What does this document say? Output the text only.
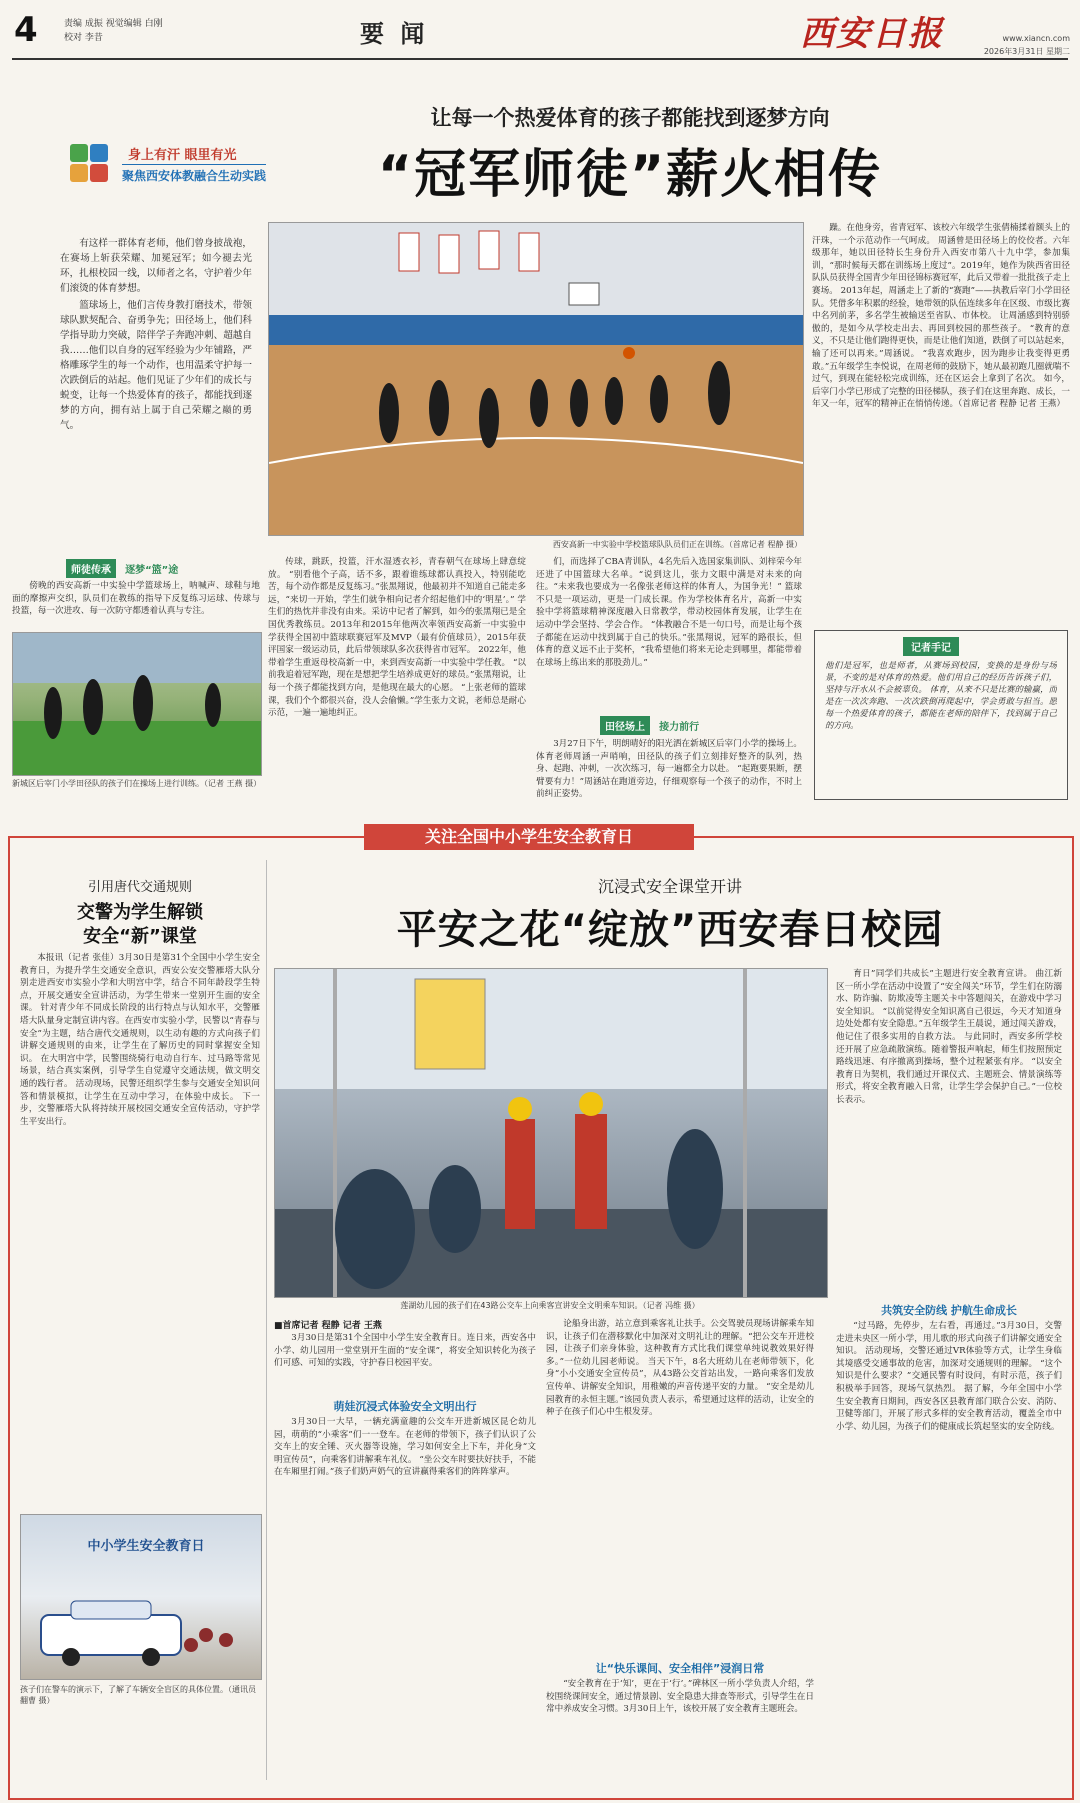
4	责编 成振 视觉编辑 白刚
校对 李昔	要 闻	西安日报	www.xiancn.com
2026年3月31日 星期二
身上有汗 眼里有光
聚焦西安体教融合生动实践
让每一个热爱体育的孩子都能找到逐梦方向
“冠军师徒”薪火相传

有这样一群体育老师，他们曾身披战袍，在赛场上斩获荣耀、加冕冠军；如今褪去光环，扎根校园一线，以师者之名，守护着少年们滚烫的体育梦想。

篮球场上，他们言传身教打磨技术，带领球队默契配合、奋勇争先；田径场上，他们科学指导助力突破，陪伴学子奔跑冲刺、超越自我……他们以自身的冠军经验为少年铺路，严格雕琢学生的每一个动作，也用温柔守护每一次跌倒后的站起。他们见证了少年们的成长与蜕变，让每一个热爱体育的孩子，都能找到逐梦的方向，拥有站上属于自己荣耀之巅的勇气。

西安高新一中实验中学校篮球队队员们正在训练。（首席记者 程静 摄）

躁。在他身旁，省青冠军、该校六年级学生张倩楠揉着额头上的汗珠，一个示范动作一气呵成。 周涵曾是田径场上的佼佼者。六年级那年，她以田径特长生身份升入西安市第八十九中学，参加集训，“那时候每天都在训练场上度过”。2019年，她作为陕西省田径队队员获得全国青少年田径锦标赛冠军，此后又带着一批批孩子走上赛场。 2013年起，周涵走上了新的“赛跑”——执教后宰门小学田径队。凭借多年积累的经验，她带领的队伍连续多年在区级、市级比赛中名列前茅，多名学生被输送至省队、市体校。 让周涵感到特别骄傲的，是如今从学校走出去、再回到校园的那些孩子。 “教育的意义，不只是让他们跑得更快，而是让他们知道，跌倒了可以站起来，输了还可以再来。”周涵说。 “我喜欢跑步，因为跑步让我变得更勇敢。”五年级学生李悦说，在周老师的鼓励下，她从最初跑几圈就喘不过气，到现在能轻松完成训练，还在区运会上拿到了名次。 如今，后宰门小学已形成了完整的田径梯队，孩子们在这里奔跑、成长，一年又一年，冠军的精神正在悄悄传递。（首席记者 程静 记者 王燕）

师徒传承 逐梦“篮”途

傍晚的西安高新一中实验中学篮球场上，呐喊声、球鞋与地面的摩擦声交织，队员们在教练的指导下反复练习运球、传球与投篮，每一次进攻、每一次防守都透着认真与专注。

新城区后宰门小学田径队的孩子们在操场上进行训练。（记者 王燕 摄）

传球，跳跃，投篮，汗水湿透衣衫，青春朝气在球场上肆意绽放。 “别看他个子高，话不多，跟着谁练球都认真投入，特别能吃苦，每个动作都是反复练习。”张黑翔说，他最初并不知道自己能走多远，“来切一开始，学生们就争相向记者介绍起他们中的‘明星’。” 学生们的热忱并非没有由来。采访中记者了解到，如今的张黑翔已是全国优秀教练员。2013年和2015年他两次率领西安高新一中实验中学获得全国初中篮球联赛冠军及MVP（最有价值球员），2015年获评国家一级运动员，此后带领球队多次获得省市冠军。 2022年，他带着学生重返母校高新一中，来到西安高新一中实验中学任教。 “以前我追着冠军跑，现在是想把学生培养成更好的球员。”张黑翔说，让每一个孩子都能找到方向，是他现在最大的心愿。 “上张老师的篮球课，我们个个都很兴奋，没人会偷懒。”学生张力文说，老师总是耐心示范，一遍一遍地纠正。

们，而选择了CBA青训队，4名先后入选国家集训队、刘梓荣今年还进了中国篮球大名单。“说到这儿，张力文眼中满是对未来的向往。“未来我也要成为一名像张老师这样的体育人，为国争光！” 篮球不只是一项运动，更是一门成长课。作为学校体育名片，高新一中实验中学将篮球精神深度融入日常教学，带动校园体育发展，让学生在运动中学会坚持、学会合作。 “体教融合不是一句口号，而是让每个孩子都能在运动中找到属于自己的快乐。”张黑翔说，冠军的路很长，但体育的意义远不止于奖杯，“我希望他们将来无论走到哪里，都能带着在球场上练出来的那股劲儿。”

田径场上 接力前行

3月27日下午，明朗晴好的阳光洒在新城区后宰门小学的操场上。体育老师周涵一声哨响，田径队的孩子们立刻排好整齐的队列，热身、起跑、冲刺，一次次练习，每一遍都全力以赴。 “起跑要果断，摆臂要有力！”周涵站在跑道旁边，仔细观察每一个孩子的动作，不时上前纠正姿势。

记者手记
他们是冠军，也是师者，从赛场到校园，变换的是身份与场景，不变的是对体育的热爱。他们用自己的经历告诉孩子们，坚持与汗水从不会被辜负。 体育，从来不只是比赛的输赢，而是在一次次奔跑、一次次跌倒再爬起中，学会勇敢与担当。愿每一个热爱体育的孩子，都能在老师的陪伴下，找到属于自己的方向。
关注全国中小学生安全教育日
引用唐代交通规则
交警为学生解锁
安全“新”课堂

本报讯（记者 张佳）3月30日是第31个全国中小学生安全教育日，为提升学生交通安全意识，西安公安交警雁塔大队分别走进西安市实验小学和大明宫中学，结合不同年龄段学生特点，开展交通安全宣讲活动，为学生带来一堂别开生面的安全课。 针对青少年不同成长阶段的出行特点与认知水平，交警雁塔大队量身定制宣讲内容。在西安市实验小学，民警以“青春与安全”为主题，结合唐代交通规则，以生动有趣的方式向孩子们讲解交通规则的由来，让学生在了解历史的同时掌握安全知识。 在大明宫中学，民警围绕骑行电动自行车、过马路等常见场景，结合真实案例，引导学生自觉遵守交通法规，做文明交通的践行者。 活动现场，民警还组织学生参与交通安全知识问答和情景模拟，让学生在互动中学习，在体验中成长。 下一步，交警雁塔大队将持续开展校园交通安全宣传活动，守护学生平安出行。

中小学生安全教育日
孩子们在警车的演示下，了解了车辆安全盲区的具体位置。（通讯员 翻曹 摄）
沉浸式安全课堂开讲
平安之花“绽放”西安春日校园
莲湖幼儿园的孩子们在43路公交车上向乘客宣讲安全文明乘车知识。（记者 冯维 摄）
■首席记者 程静 记者 王燕

3月30日是第31个全国中小学生安全教育日。连日来，西安各中小学、幼儿园用一堂堂别开生面的“安全课”，将安全知识转化为孩子们可感、可知的实践，守护春日校园平安。

萌娃沉浸式体验安全文明出行

3月30日一大早，一辆充满童趣的公交车开进新城区昆仑幼儿园，萌萌的“小乘客”们一一登车。在老师的带领下，孩子们认识了公交车上的安全锤、灭火器等设施，学习如何安全上下车，并化身“文明宣传员”，向乘客们讲解乘车礼仪。 “坐公交车时要扶好扶手，不能在车厢里打闹。”孩子们奶声奶气的宣讲赢得乘客们的阵阵掌声。

论船身出游，站立意到乘客礼让扶手。公交驾驶员现场讲解乘车知识，让孩子们在潜移默化中加深对文明礼让的理解。“把公交车开进校园，让孩子们亲身体验，这种教育方式比我们课堂单纯说教效果好得多。”一位幼儿园老师说。 当天下午，8名大班幼儿在老师带领下，化身“小小交通安全宣传员”，从43路公交首站出发，一路向乘客们发放宣传单、讲解安全知识，用稚嫩的声音传递平安的力量。 “安全是幼儿园教育的永恒主题。”该园负责人表示，希望通过这样的活动，让安全的种子在孩子们心中生根发芽。

让“快乐课间、安全相伴”浸润日常

“安全教育在于‘知’，更在于‘行’。”碑林区一所小学负责人介绍，学校围绕课间安全，通过情景剧、安全隐患大排查等形式，引导学生在日常中养成安全习惯。3月30日上午，该校开展了安全教育主题班会。

育日”同学们共成长”主题进行安全教育宣讲。 曲江新区一所小学在活动中设置了“安全闯关”环节，学生们在防溺水、防诈骗、防欺凌等主题关卡中答题闯关，在游戏中学习安全知识。 “以前觉得安全知识离自己很远，今天才知道身边处处都有安全隐患。”五年级学生王晨说，通过闯关游戏，他记住了很多实用的自救方法。 与此同时，西安多所学校还开展了应急疏散演练。随着警报声响起，师生们按照预定路线迅速、有序撤离到操场，整个过程紧张有序。 “以安全教育日为契机，我们通过开课仪式、主题班会、情景演练等形式，将安全教育融入日常，让学生学会保护自己。”一位校长表示。

共筑安全防线 护航生命成长

“过马路，先停步，左右看，再通过。”3月30日，交警走进未央区一所小学，用儿歌的形式向孩子们讲解交通安全知识。 活动现场，交警还通过VR体验等方式，让学生身临其境感受交通事故的危害，加深对交通规则的理解。 “这个知识是什么要求？”交通民警有时设问，有时示范，孩子们积极举手回答，现场气氛热烈。 据了解，今年全国中小学生安全教育日期间，西安各区县教育部门联合公安、消防、卫健等部门，开展了形式多样的安全教育活动，覆盖全市中小学、幼儿园，为孩子们的健康成长筑起坚实的安全防线。
